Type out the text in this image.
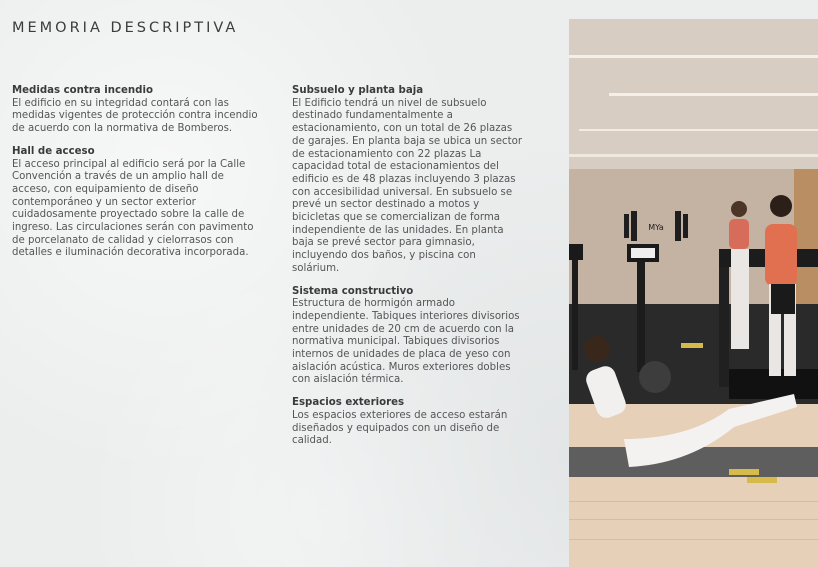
MEMORIA DESCRIPTIVA
Medidas contra incendio

El edificio en su integridad contará con las medidas vigentes de protección contra incendio de acuerdo con la normativa de Bomberos.

Hall de acceso

El acceso principal al edificio será por la Calle Convención a través de un amplio hall de acceso, con equipamiento de diseño contemporáneo y un sector exterior cuidadosamente proyectado sobre la calle de ingreso. Las circulaciones serán con pavimento de porcelanato de calidad y cielorrasos con detalles e iluminación decorativa incorporada.

Subsuelo y planta baja

El Edificio tendrá un nivel de subsuelo destinado fundamentalmente a estacionamiento, con un total de 26 plazas de garajes. En planta baja se ubica un sector de estacionamiento con 22 plazas La capacidad total de estacionamientos del edificio es de 48 plazas incluyendo 3 plazas con accesibilidad universal. En subsuelo se prevé un sector destinado a motos y bicicletas que se comercializan de forma independiente de las unidades. En planta baja se prevé sector para gimnasio, incluyendo dos baños, y piscina con solárium.

Sistema constructivo

Estructura de hormigón armado independiente. Tabiques interiores divisorios entre unidades de 20 cm de acuerdo con la normativa municipal. Tabiques divisorios internos de unidades de placa de yeso con aislación acústica. Muros exteriores dobles con aislación térmica.

Espacios exteriores

Los espacios exteriores de acceso estarán diseñados y equipados con un diseño de calidad.

MYa
